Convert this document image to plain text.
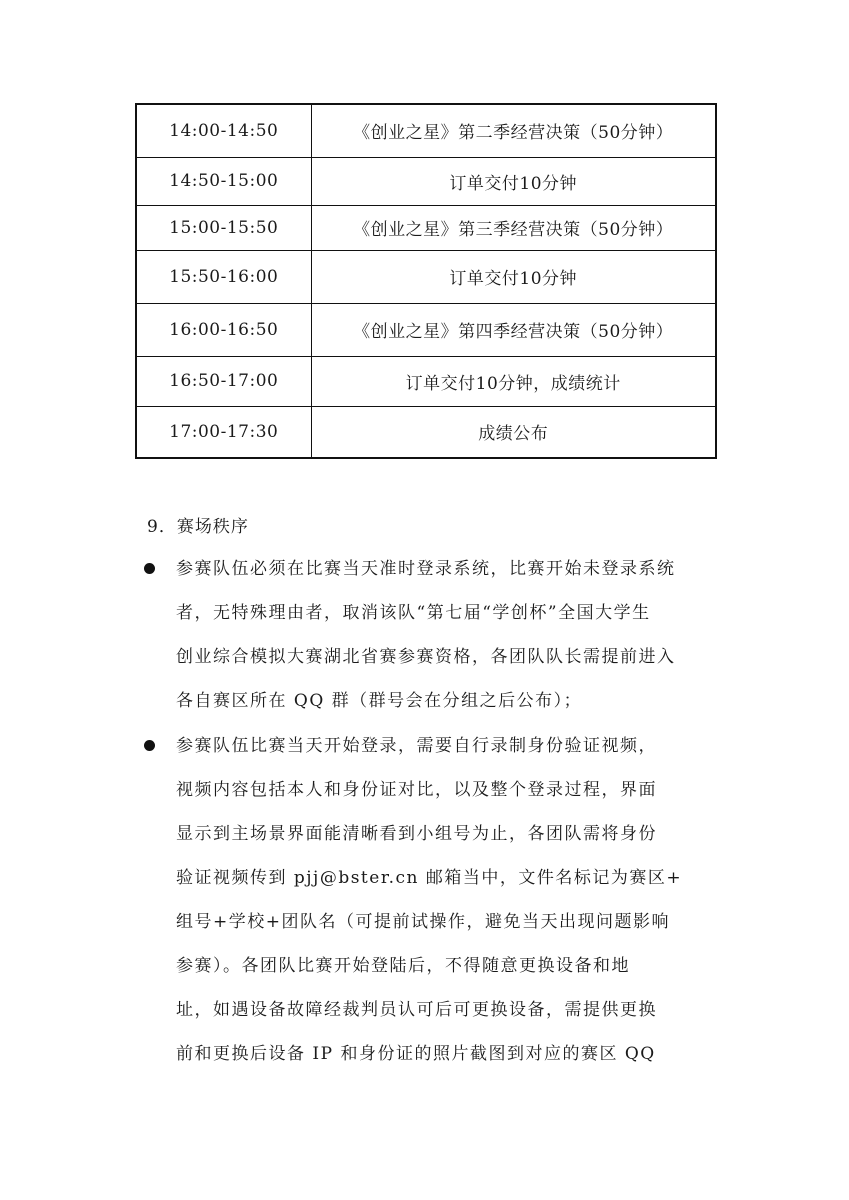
14:00-14:50	《创业之星》第二季经营决策（50分钟）
14:50-15:00	订单交付10分钟
15:00-15:50	《创业之星》第三季经营决策（50分钟）
15:50-16:00	订单交付10分钟
16:00-16:50	《创业之星》第四季经营决策（50分钟）
16:50-17:00	订单交付10分钟，成绩统计
17:00-17:30	成绩公布
9．赛场秩序
参赛队伍必须在比赛当天准时登录系统，比赛开始未登录系统
者，无特殊理由者，取消该队“第七届“学创杯”全国大学生
创业综合模拟大赛湖北省赛参赛资格，各团队队长需提前进入
各自赛区所在 QQ 群（群号会在分组之后公布）；
参赛队伍比赛当天开始登录，需要自行录制身份验证视频，
视频内容包括本人和身份证对比，以及整个登录过程，界面
显示到主场景界面能清晰看到小组号为止，各团队需将身份
验证视频传到 pjj@bster.cn 邮箱当中，文件名标记为赛区+
组号+学校+团队名（可提前试操作，避免当天出现问题影响
参赛）。各团队比赛开始登陆后，不得随意更换设备和地
址，如遇设备故障经裁判员认可后可更换设备，需提供更换
前和更换后设备 IP 和身份证的照片截图到对应的赛区 QQ
